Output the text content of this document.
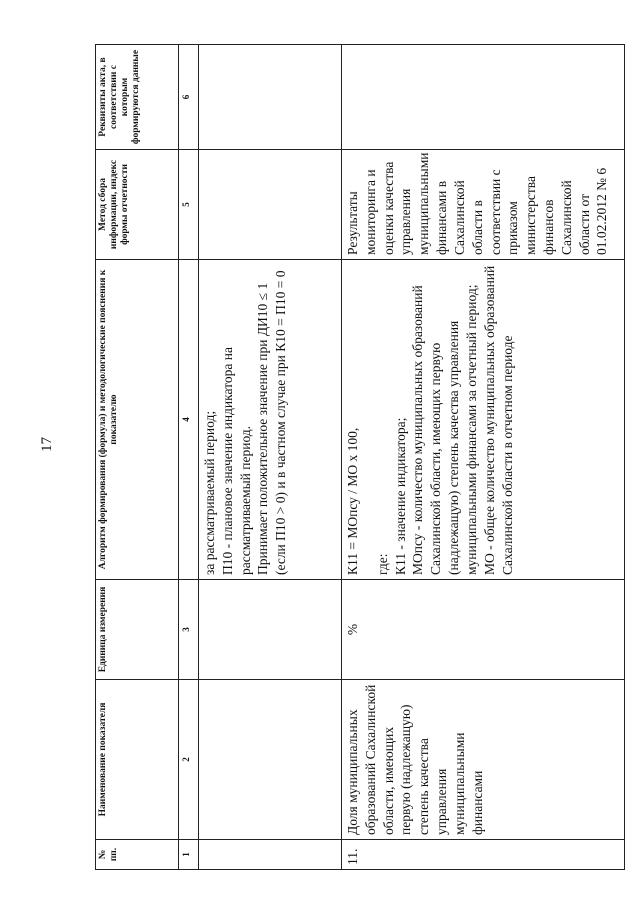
17
№ пп.	Наименование показателя	Единица измерения	Алгоритм формирования (формула) и методологические пояснения к показателю	Метод сбора информации, индекс формы отчетности	Реквизиты акта, в соответствии с которым формируются данные
1	2	3	4	5	6

			за рассматриваемый период; П10 - плановое значение индикатора на рассматриваемый период. Принимает положительное значение при ДИ10 ≤ 1 (если П10 > 0) и в частном случае при К10 = П10 = 0		

11.	Доля муниципальных образований Сахалинской области, имеющих первую (надлежащую) степень качества управления муниципальными финансами	%	К11 = МОпсу / МО х 100, где: К11 - значение индикатора; МОпсу - количество муниципальных образований Сахалинской области, имеющих первую (надлежащую) степень качества управления муниципальными финансами за отчетный период; МО - общее количество муниципальных образований Сахалинской области в отчетном периоде	Результаты мониторинга и оценки качества управления муниципальными финансами в Сахалинской области в соответствии с приказом министерства финансов Сахалинской области от 01.02.2012 № 6	
